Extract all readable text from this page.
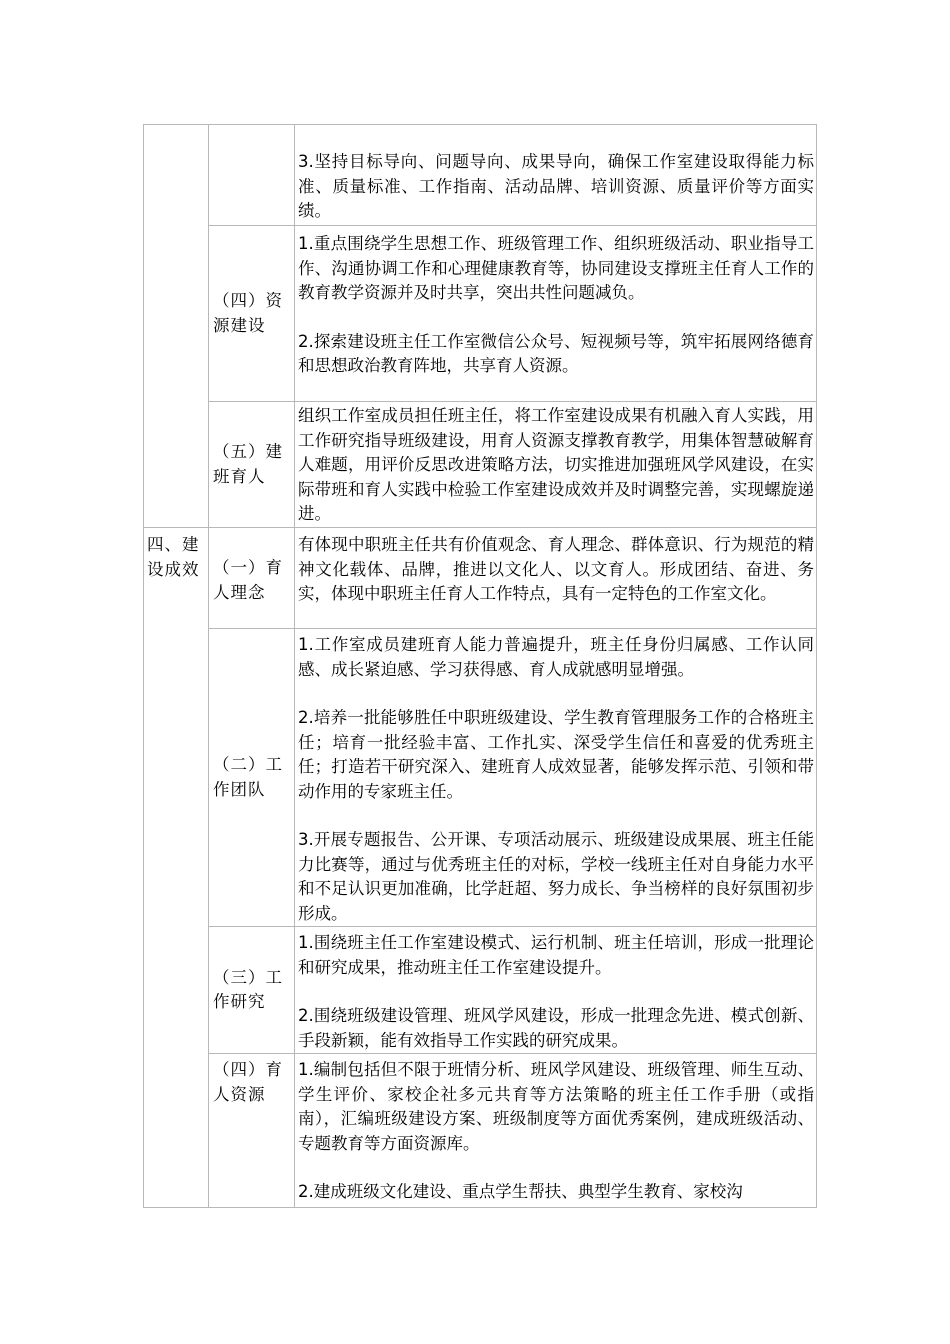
		3.坚持目标导向、问题导向、成果导向，确保工作室建设取得能力标准、质量标准、工作指南、活动品牌、培训资源、质量评价等方面实绩。

	（四）资源建设	1.重点围绕学生思想工作、班级管理工作、组织班级活动、职业指导工作、沟通协调工作和心理健康教育等，协同建设支撑班主任育人工作的教育教学资源并及时共享，突出共性问题减负。

2.探索建设班主任工作室微信公众号、短视频号等，筑牢拓展网络德育和思想政治教育阵地，共享育人资源。

	（五）建班育人	组织工作室成员担任班主任，将工作室建设成果有机融入育人实践，用工作研究指导班级建设，用育人资源支撑教育教学，用集体智慧破解育人难题，用评价反思改进策略方法，切实推进加强班风学风建设，在实际带班和育人实践中检验工作室建设成效并及时调整完善，实现螺旋递进。

四、建设成效	（一）育人理念	有体现中职班主任共有价值观念、育人理念、群体意识、行为规范的精神文化载体、品牌，推进以文化人、以文育人。形成团结、奋进、务实，体现中职班主任育人工作特点，具有一定特色的工作室文化。

	（二）工作团队	1.工作室成员建班育人能力普遍提升，班主任身份归属感、工作认同感、成长紧迫感、学习获得感、育人成就感明显增强。

2.培养一批能够胜任中职班级建设、学生教育管理服务工作的合格班主任；培育一批经验丰富、工作扎实、深受学生信任和喜爱的优秀班主任；打造若干研究深入、建班育人成效显著，能够发挥示范、引领和带动作用的专家班主任。

3.开展专题报告、公开课、专项活动展示、班级建设成果展、班主任能力比赛等，通过与优秀班主任的对标，学校一线班主任对自身能力水平和不足认识更加准确，比学赶超、努力成长、争当榜样的良好氛围初步形成。

	（三）工作研究	1.围绕班主任工作室建设模式、运行机制、班主任培训，形成一批理论和研究成果，推动班主任工作室建设提升。

2.围绕班级建设管理、班风学风建设，形成一批理念先进、模式创新、手段新颖，能有效指导工作实践的研究成果。

	（四）育人资源	1.编制包括但不限于班情分析、班风学风建设、班级管理、师生互动、学生评价、家校企社多元共育等方法策略的班主任工作手册（或指南），汇编班级建设方案、班级制度等方面优秀案例，建成班级活动、专题教育等方面资源库。

2.建成班级文化建设、重点学生帮扶、典型学生教育、家校沟
